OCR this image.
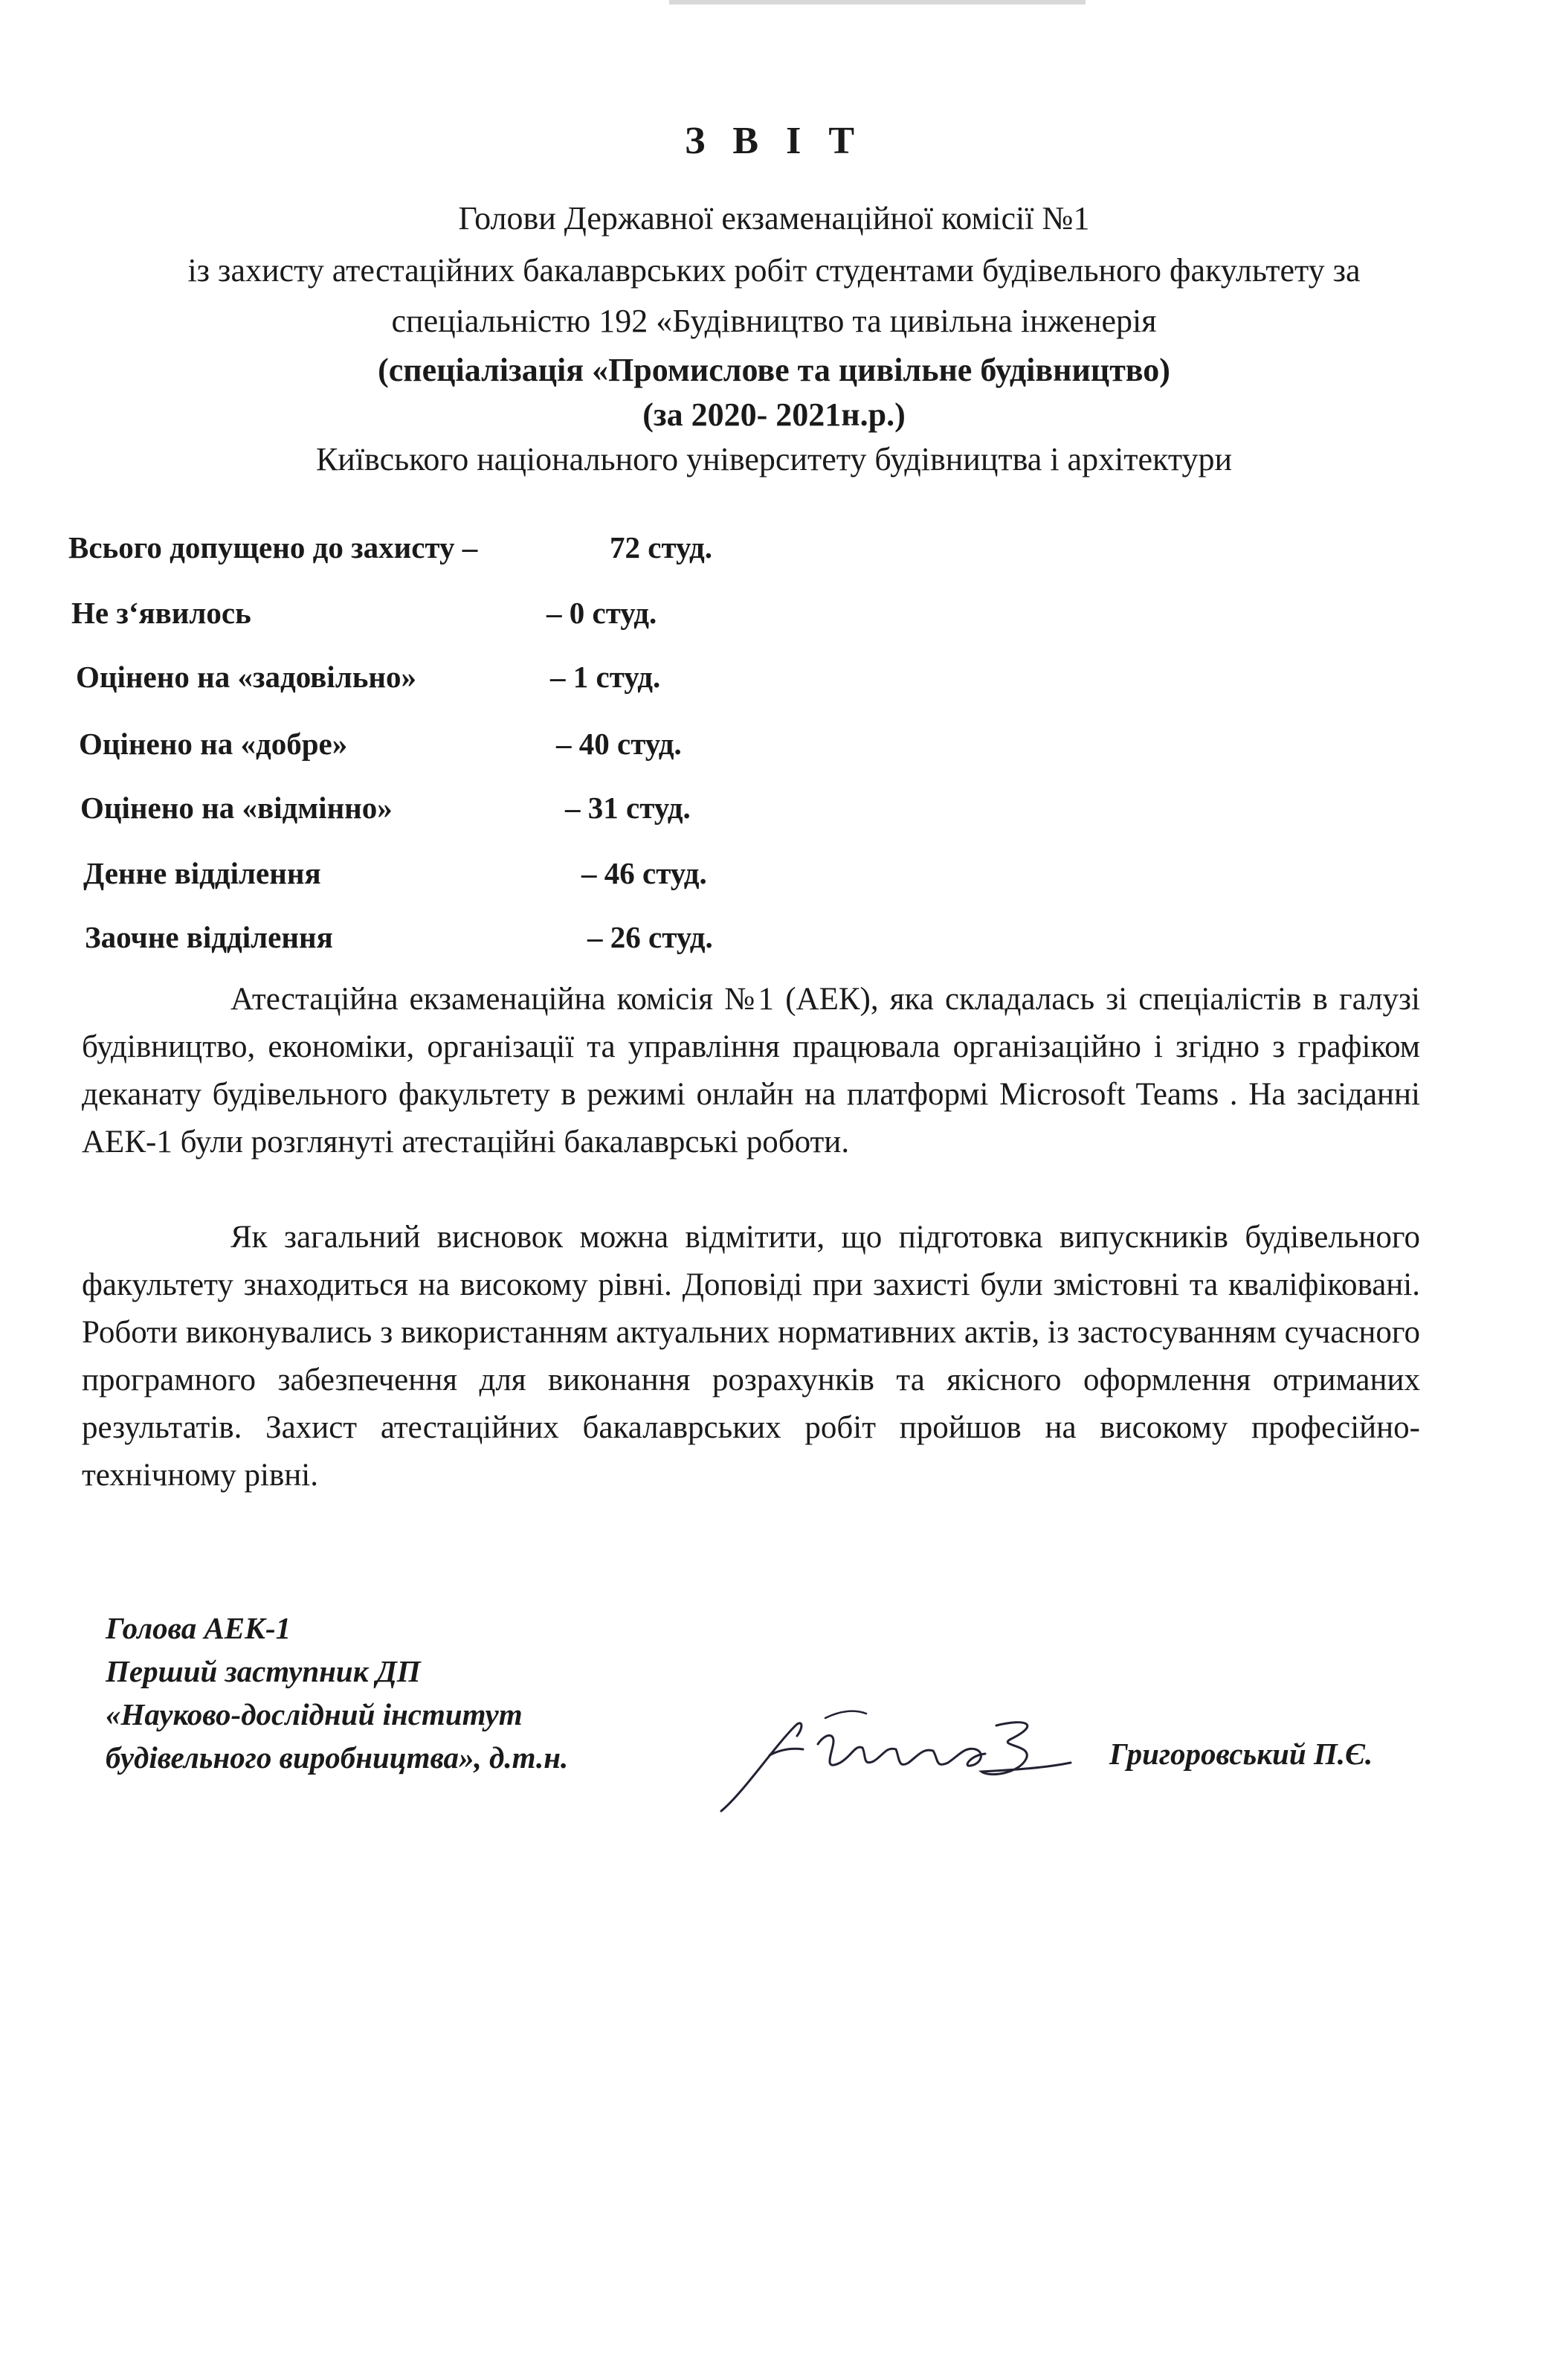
З В І Т
Голови Державної екзаменаційної комісії №1
із захисту атестаційних бакалаврських робіт студентами будівельного факультету за
спеціальністю 192 «Будівництво та цивільна інженерія
(спеціалізація «Промислове та цивільне будівництво)
(за 2020- 2021н.р.)
Київського національного університету будівництва і архітектури
Всього допущено до захисту –	72 студ.
Не з‘явилось	– 0 студ.
Оцінено на «задовільно»	– 1 студ.
Оцінено на «добре»	– 40 студ.
Оцінено на «відмінно»	– 31 студ.
Денне відділення	– 46 студ.
Заочне відділення	– 26 студ.

Атестаційна екзаменаційна комісія №1 (АЕК), яка складалась зі спеціалістів в галузі будівництво, економіки, організації та управління працювала організаційно і згідно з графіком деканату будівельного факультету в режимі онлайн на платформі Microsoft Teams . На засіданні АЕК-1 були розглянуті атестаційні бакалаврські роботи.

Як загальний висновок можна відмітити, що підготовка випускників будівельного факультету знаходиться на високому рівні. Доповіді при захисті були змістовні та кваліфіковані. Роботи виконувались з використанням актуальних нормативних актів, із застосуванням сучасного програмного забезпечення для виконання розрахунків та якісного оформлення отриманих результатів. Захист атестаційних бакалаврських робіт пройшов на високому професійно-технічному рівні.

Голова АЕК-1
Перший заступник ДП
«Науково-дослідний інститут
будівельного виробництва», д.т.н.	Григоровський П.Є.
